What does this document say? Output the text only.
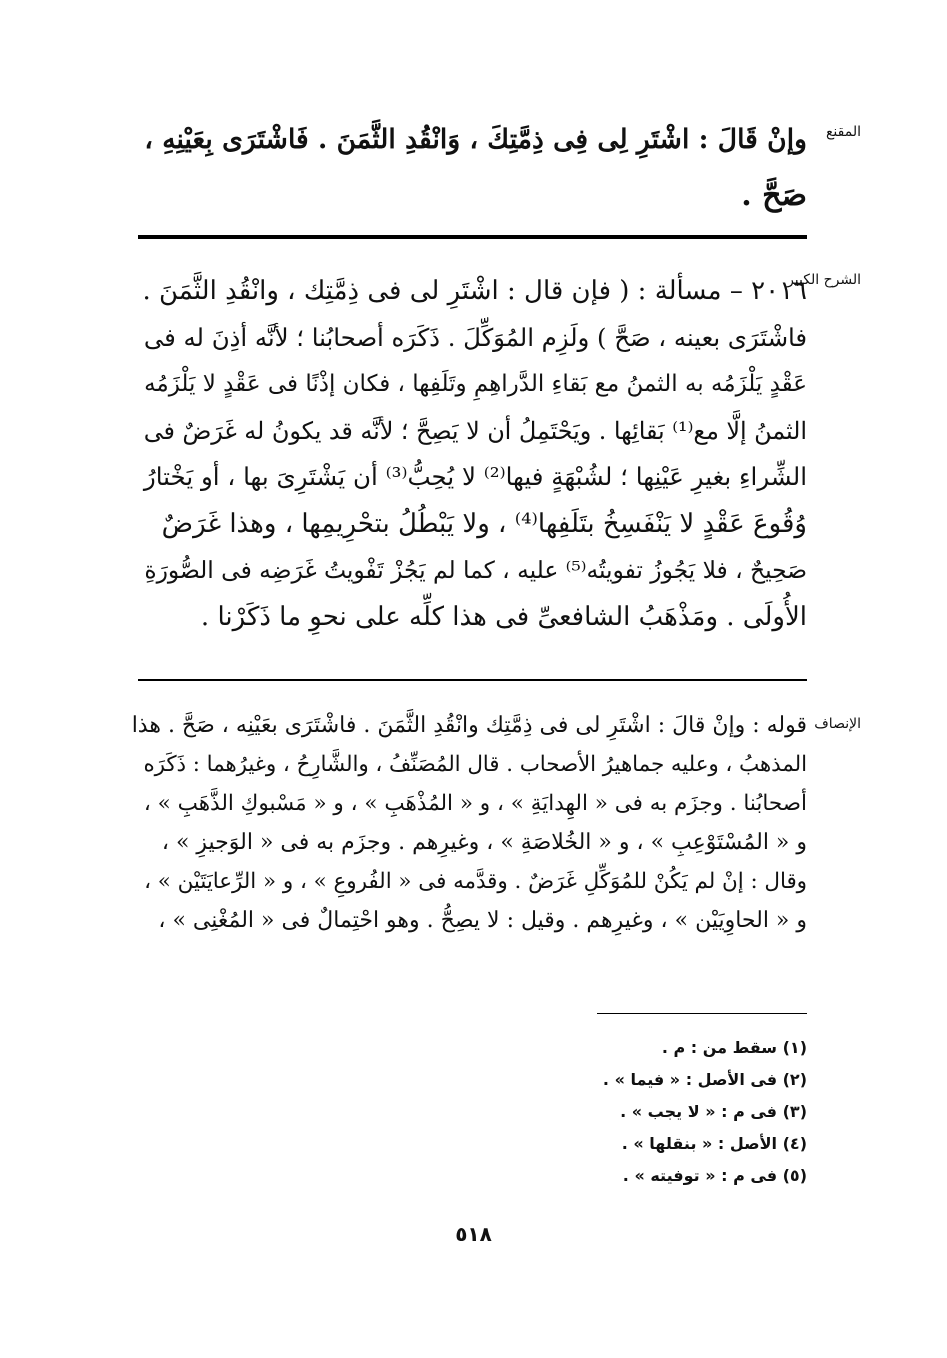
المقنع
وإنْ قَالَ : اشْتَرِ لِى فِى ذِمَّتِكَ ، وَانْقُدِ الثَّمَنَ . فَاشْتَرَى بِعَيْنِهِ ،
صَحَّ .
الشرح الكبير
٢٠١٦ – مسألة : ( فإن قال : اشْتَرِ لى فى ذِمَّتِك ، وانْقُدِ الثَّمَنَ .
فاشْتَرَى بعينه ، صَحَّ ) ولَزِم المُوَكِّلَ . ذَكَرَه أصحابُنا ؛ لأنَّه أذِنَ له فى
عَقْدٍ يَلْزَمُه به الثمنُ مع بَقاءِ الدَّراهِمِ وتَلَفِها ، فكان إذْنًا فى عَقْدٍ لا يَلْزَمُه
الثمنُ إلَّا مع⁽¹⁾ بَقائِها . ويَحْتَمِلُ أن لا يَصِحَّ ؛ لأنَّه قد يكونُ له غَرَضٌ فى
الشِّراءِ بغيرِ عَيْنِها ؛ لشُبْهَةٍ فيها⁽²⁾ لا يُحِبُّ⁽³⁾ أن يَشْتَرِىَ بها ، أو يَخْتارُ
وُقُوعَ عَقْدٍ لا يَنْفَسِخُ بتَلَفِها⁽⁴⁾ ، ولا يَبْطُلُ بتحْرِيمِها ، وهذا غَرَضٌ
صَحِيحٌ ، فلا يَجُوزُ تفويتُه⁽⁵⁾ عليه ، كما لم يَجُزْ تَفْويتُ غَرَضِه فى الصُّورَةِ
الأُولَى . ومَذْهَبُ الشافعىِّ فى هذا كلِّه على نحوِ ما ذَكَرْنا .
الإنصاف
قوله : وإنْ قالَ : اشْتَرِ لى فى ذِمَّتِك وانْقُدِ الثَّمَنَ . فاشْتَرَى بعَيْنِه ، صَحَّ . هذا
المذهبُ ، وعليه جماهيرُ الأصحاب . قال المُصَنِّفُ ، والشَّارِحُ ، وغيرُهما : ذَكَرَه
أصحابُنا . وجزَم به فى « الهِدايَةِ » ، و « المُذْهَبِ » ، و « مَسْبوكِ الذَّهَبِ » ،
و « المُسْتَوْعِبِ » ، و « الخُلاصَةِ » ، وغيرِهم . وجزَم به فى « الوَجيزِ » ،
وقال : إنْ لم يَكُنْ للمُوَكِّلِ غَرَضٌ . وقدَّمه فى « الفُروعِ » ، و « الرِّعايَتَيْن » ،
و « الحاوِيَيْن » ، وغيرِهم . وقيل : لا يصِحُّ . وهو احْتِمالٌ فى « المُغْنِى » ،
(١) سقط من : م .
(٢) فى الأصل : « فيما » .
(٣) فى م : « لا يجب » .
(٤) الأصل : « بنقلها » .
(٥) فى م : « توفيته » .
٥١٨
